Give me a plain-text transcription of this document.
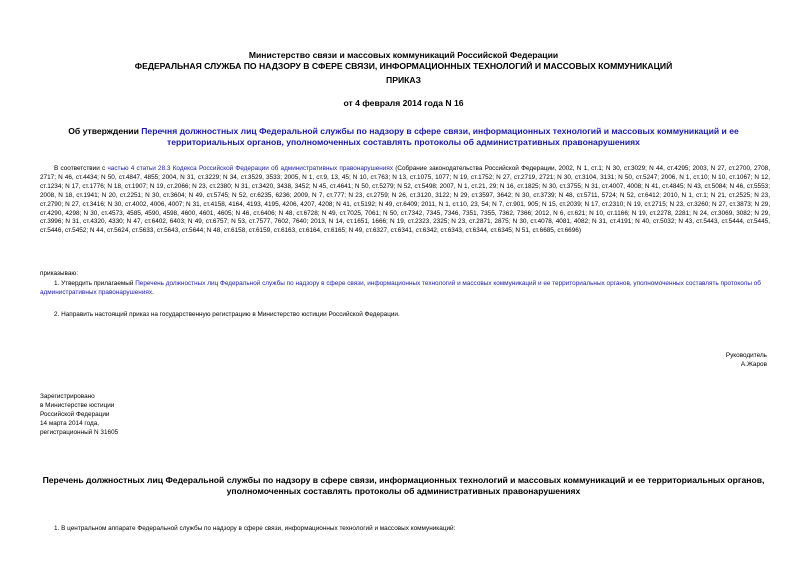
Министерство связи и массовых коммуникаций Российской Федерации
ФЕДЕРАЛЬНАЯ СЛУЖБА ПО НАДЗОРУ В СФЕРЕ СВЯЗИ, ИНФОРМАЦИОННЫХ ТЕХНОЛОГИЙ И МАССОВЫХ КОММУНИКАЦИЙ
ПРИКАЗ
от 4 февраля 2014 года N 16
Об утверждении Перечня должностных лиц Федеральной службы по надзору в сфере связи, информационных технологий и массовых коммуникаций и ее территориальных органов, уполномоченных составлять протоколы об административных правонарушениях
В соответствии с частью 4 статьи 28.3 Кодекса Российской Федерации об административных правонарушениях (Собрание законодательства Российской Федерации, 2002, N 1, ст.1; N 30, ст.3029; N 44, ст.4295; 2003, N 27, ст.2700, 2708, 2717; N 46, ст.4434; N 50, ст.4847, 4855; 2004, N 31, ст.3229; N 34, ст.3529, 3533; 2005, N 1, ст.9, 13, 45; N 10, ст.763; N 13, ст.1075, 1077; N 19, ст.1752; N 27, ст.2719, 2721; N 30, ст.3104, 3131; N 50, ст.5247; 2006, N 1, ст.10; N 10, ст.1067; N 12, ст.1234; N 17, ст.1776; N 18, ст.1907; N 19, ст.2066; N 23, ст.2380; N 31, ст.3420, 3438, 3452; N 45, ст.4641; N 50, ст.5279; N 52, ст.5498; 2007, N 1, ст.21, 29; N 16, ст.1825; N 30, ст.3755; N 31, ст.4007, 4008; N 41, ст.4845; N 43, ст.5084; N 46, ст.5553; 2008, N 18, ст.1941; N 20, ст.2251; N 30, ст.3604; N 49, ст.5745; N 52, ст.6235, 6236; 2009, N 7, ст.777; N 23, ст.2759; N 26, ст.3120, 3122; N 29, ст.3597, 3642; N 30, ст.3739; N 48, ст.5711, 5724; N 52, ст.6412; 2010, N 1, ст.1; N 21, ст.2525; N 23, ст.2790; N 27, ст.3416; N 30, ст.4002, 4006, 4007; N 31, ст.4158, 4164, 4193, 4195, 4206, 4207, 4208; N 41, ст.5192; N 49, ст.6409; 2011, N 1, ст.10, 23, 54; N 7, ст.901, 905; N 15, ст.2039; N 17, ст.2310; N 19, ст.2715; N 23, ст.3260; N 27, ст.3873; N 29, ст.4290, 4298; N 30, ст.4573, 4585, 4590, 4598, 4600, 4601, 4605; N 46, ст.6406; N 48, ст.6728; N 49, ст.7025, 7061; N 50, ст.7342, 7345, 7346, 7351, 7355, 7362, 7366; 2012, N 6, ст.621; N 10, ст.1166; N 19, ст.2278, 2281; N 24, ст.3069, 3082; N 29, ст.3996; N 31, ст.4320, 4330; N 47, ст.6402, 6403; N 49, ст.6757; N 53, ст.7577, 7602, 7640; 2013, N 14, ст.1651, 1666; N 19, ст.2323, 2325; N 23, ст.2871, 2875; N 30, ст.4078, 4081, 4082; N 31, ст.4191; N 40, ст.5032; N 43, ст.5443, ст.5444, ст.5445, ст.5446, ст.5452; N 44, ст.5624, ст.5633, ст.5643, ст.5644; N 48, ст.6158, ст.6159, ст.6163, ст.6164, ст.6165; N 49, ст.6327, ст.6341, ст.6342, ст.6343, ст.6344, ст.6345; N 51, ст.6685, ст.6696)
приказываю:
1. Утвердить прилагаемый Перечень должностных лиц Федеральной службы по надзору в сфере связи, информационных технологий и массовых коммуникаций и ее территориальных органов, уполномоченных составлять протоколы об административных правонарушениях.
2. Направить настоящий приказ на государственную регистрацию в Министерство юстиции Российской Федерации.
Руководитель
А.Жаров
Зарегистрировано
в Министерстве юстиции
Российской Федерации
14 марта 2014 года,
регистрационный N 31605
Перечень должностных лиц Федеральной службы по надзору в сфере связи, информационных технологий и массовых коммуникаций и ее территориальных органов, уполномоченных составлять протоколы об административных правонарушениях
1. В центральном аппарате Федеральной службы по надзору в сфере связи, информационных технологий и массовых коммуникаций:
